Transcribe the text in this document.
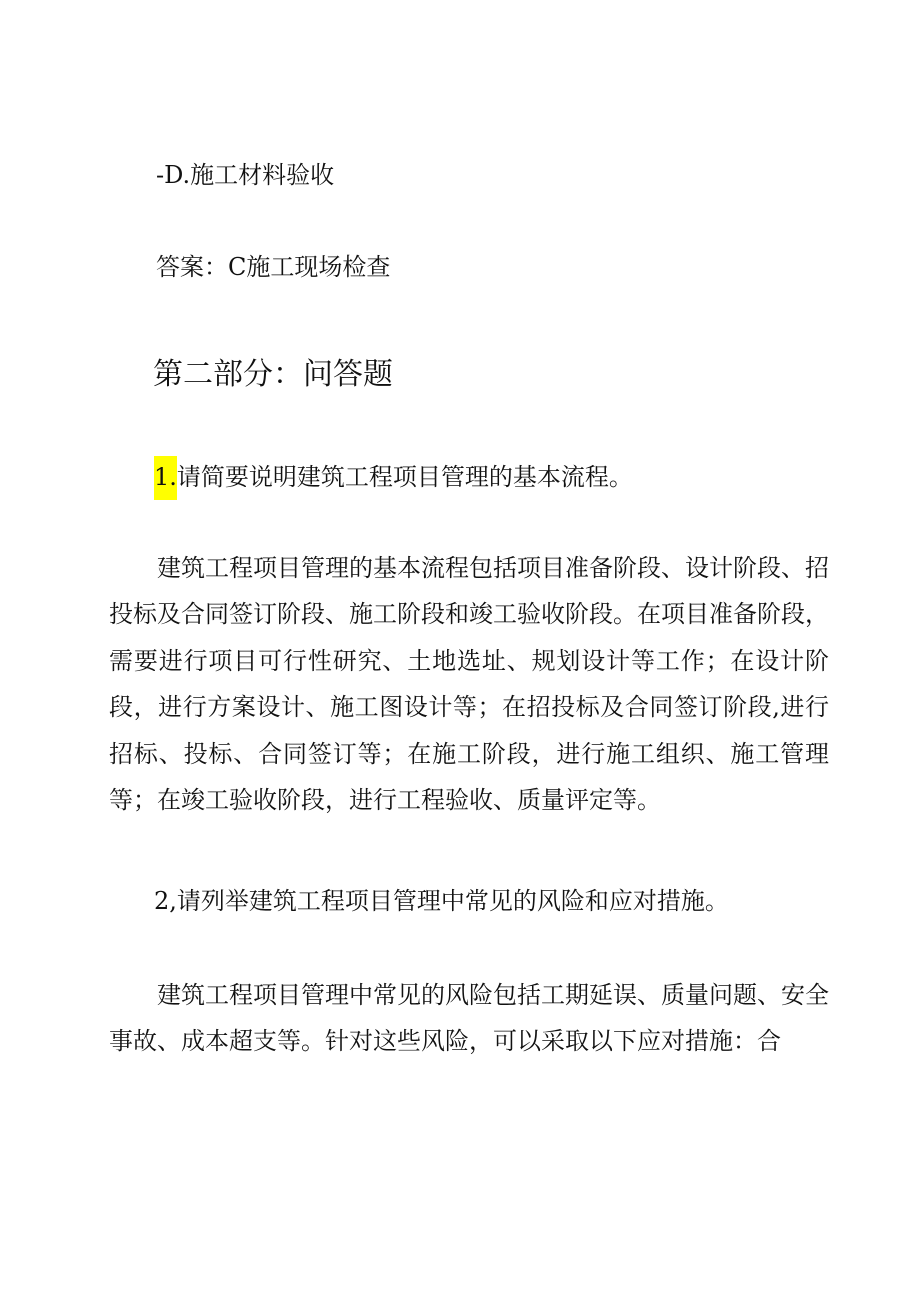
-D.施工材料验收
答案：C施工现场检查
第二部分：问答题
1.请简要说明建筑工程项目管理的基本流程。

建筑工程项目管理的基本流程包括项目准备阶段、设计阶段、招投标及合同签订阶段、施工阶段和竣工验收阶段。在项目准备阶段，需要进行项目可行性研究、土地选址、规划设计等工作；在设计阶段，进行方案设计、施工图设计等；在招投标及合同签订阶段,进行招标、投标、合同签订等；在施工阶段，进行施工组织、施工管理等；在竣工验收阶段，进行工程验收、质量评定等。

2,请列举建筑工程项目管理中常见的风险和应对措施。

建筑工程项目管理中常见的风险包括工期延误、质量问题、安全事故、成本超支等。针对这些风险，可以采取以下应对措施：合
